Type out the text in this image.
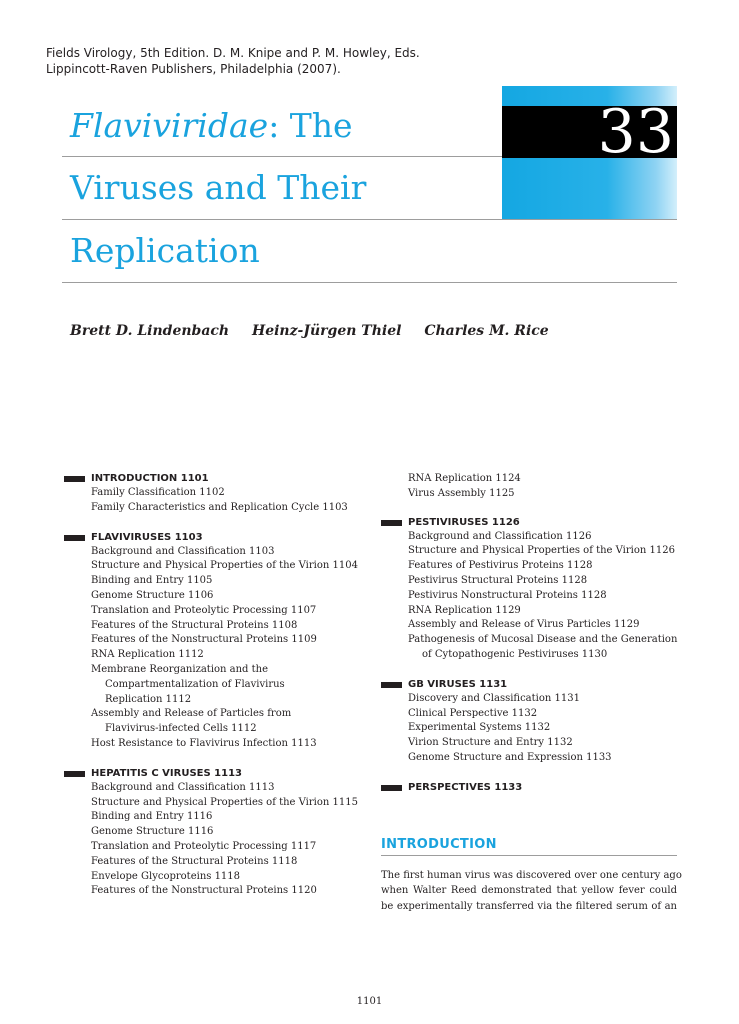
Fields Virology, 5th Edition. D. M. Knipe and P. M. Howley, Eds.
Lippincott-Raven Publishers, Philadelphia (2007).
33
Flaviviridae: The
Viruses and Their
Replication
Brett D. Lindenbach Heinz-Jürgen Thiel Charles M. Rice
INTRODUCTION 1101
Family Classification 1102
Family Characteristics and Replication Cycle 1103
FLAVIVIRUSES 1103
Background and Classification 1103
Structure and Physical Properties of the Virion 1104
Binding and Entry 1105
Genome Structure 1106
Translation and Proteolytic Processing 1107
Features of the Structural Proteins 1108
Features of the Nonstructural Proteins 1109
RNA Replication 1112
Membrane Reorganization and the
Compartmentalization of Flavivirus
Replication 1112
Assembly and Release of Particles from
Flavivirus-infected Cells 1112
Host Resistance to Flavivirus Infection 1113
HEPATITIS C VIRUSES 1113
Background and Classification 1113
Structure and Physical Properties of the Virion 1115
Binding and Entry 1116
Genome Structure 1116
Translation and Proteolytic Processing 1117
Features of the Structural Proteins 1118
Envelope Glycoproteins 1118
Features of the Nonstructural Proteins 1120
RNA Replication 1124
Virus Assembly 1125
PESTIVIRUSES 1126
Background and Classification 1126
Structure and Physical Properties of the Virion 1126
Features of Pestivirus Proteins 1128
Pestivirus Structural Proteins 1128
Pestivirus Nonstructural Proteins 1128
RNA Replication 1129
Assembly and Release of Virus Particles 1129
Pathogenesis of Mucosal Disease and the Generation
of Cytopathogenic Pestiviruses 1130
GB VIRUSES 1131
Discovery and Classification 1131
Clinical Perspective 1132
Experimental Systems 1132
Virion Structure and Entry 1132
Genome Structure and Expression 1133
PERSPECTIVES 1133
INTRODUCTION
The first human virus was discovered over one century ago
when Walter Reed demonstrated that yellow fever could
be experimentally transferred via the filtered serum of an
1101
